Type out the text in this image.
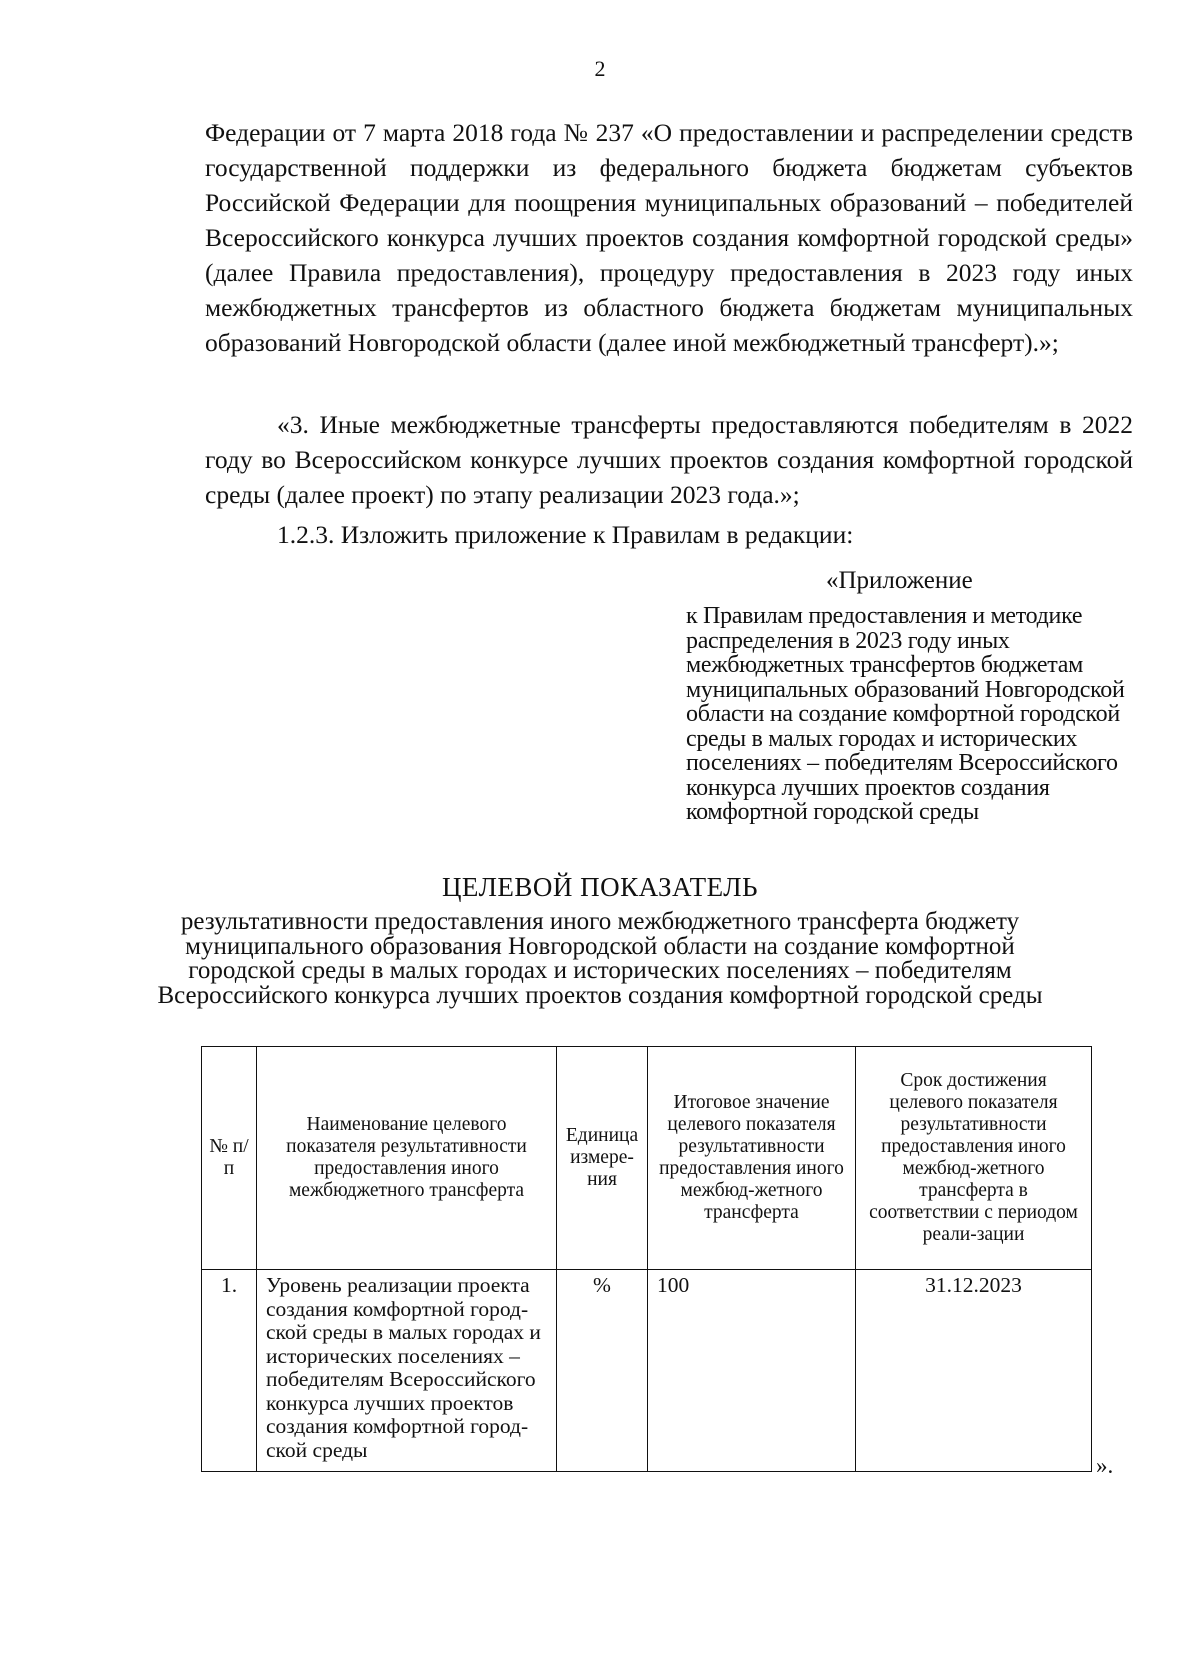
2

Федерации от 7 марта 2018 года № 237 «О предоставлении и распределении средств государственной поддержки из федерального бюджета бюджетам субъектов Российской Федерации для поощрения муниципальных образований – победителей Всероссийского конкурса лучших проектов создания комфортной городской среды» (далее Правила предоставления), процедуру предоставления в 2023 году иных межбюджетных трансфертов из областного бюджета бюджетам муниципальных образований Новгородской области (далее иной межбюджетный трансферт).»;

«3. Иные межбюджетные трансферты предоставляются победителям в 2022 году во Всероссийском конкурсе лучших проектов создания комфортной городской среды (далее проект) по этапу реализации 2023 года.»;

1.2.3. Изложить приложение к Правилам в редакции:

«Приложение
к Правилам предоставления и методике распределения в 2023 году иных межбюджетных трансфертов бюджетам муниципальных образований Новгородской области на создание комфортной городской среды в малых городах и исторических поселениях – победителям Всероссийского конкурса лучших проектов создания комфортной городской среды
ЦЕЛЕВОЙ ПОКАЗАТЕЛЬ
результативности предоставления иного межбюджетного трансферта бюджету муниципального образования Новгородской области на создание комфортной городской среды в малых городах и исторических поселениях – победителям Всероссийского конкурса лучших проектов создания комфортной городской среды
№ п/п	Наименование целевого показателя результативности предоставления иного межбюджетного трансферта	Единица измере-ния	Итоговое значение целевого показателя результативности предоставления иного межбюд-жетного трансферта	Срок достижения целевого показателя результативности предоставления иного межбюд-жетного трансферта в соответствии с периодом реали-зации
1.	Уровень реализации проекта создания комфортной город-ской среды в малых городах и исторических поселениях – победителям Всероссийского конкурса лучших проектов создания комфортной город-ской среды	%	100	31.12.2023
».
